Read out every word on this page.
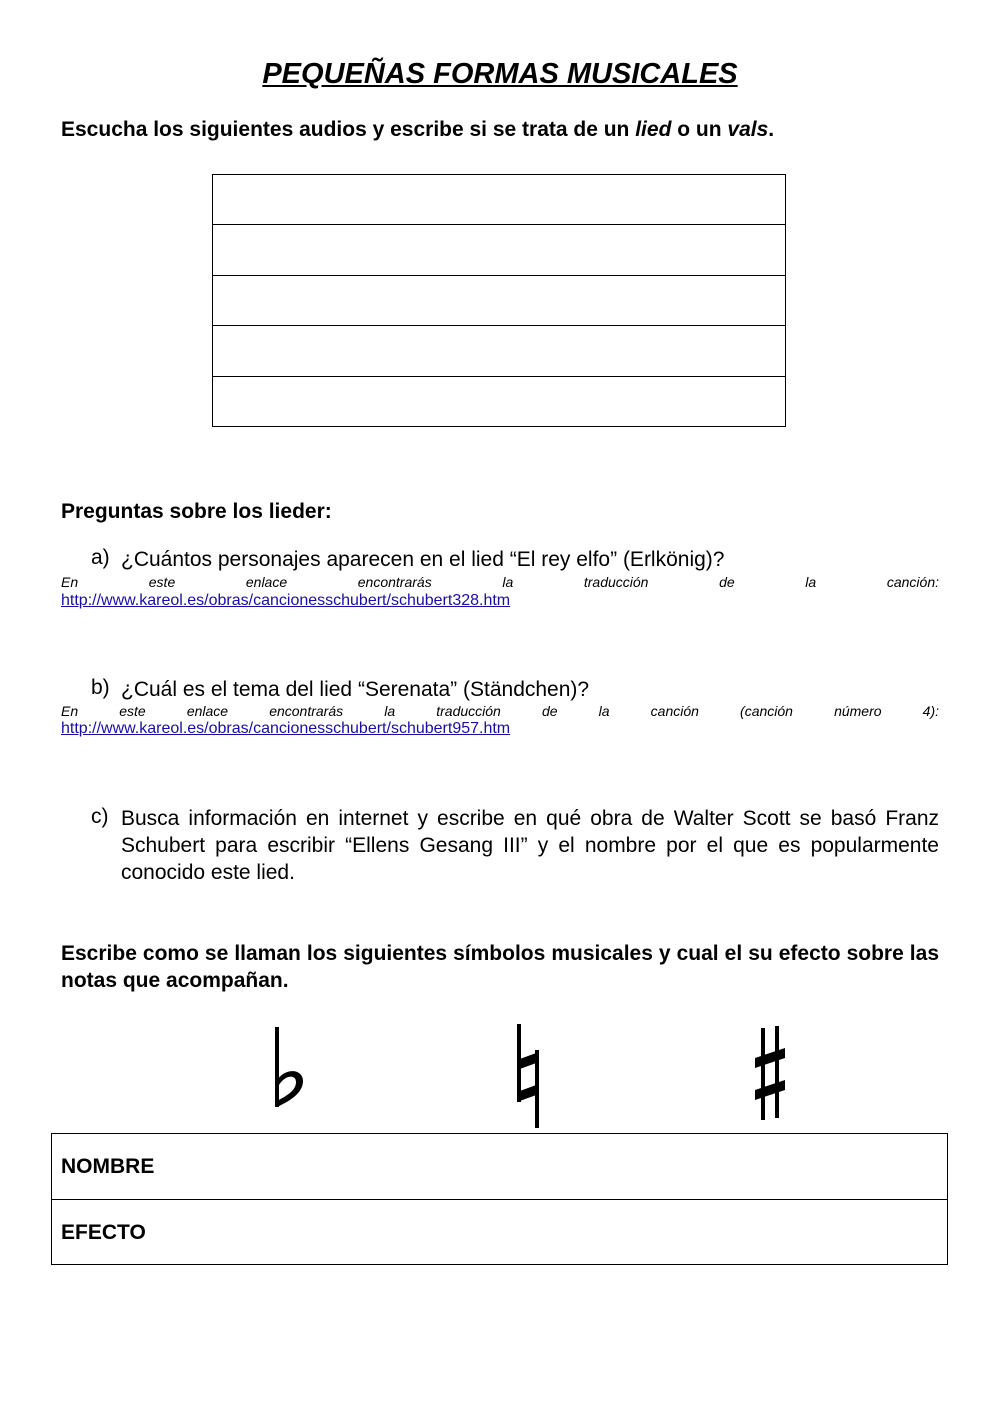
PEQUEÑAS FORMAS MUSICALES
Escucha los siguientes audios y escribe si se trata de un lied o un vals.
Preguntas sobre los lieder:
a) ¿Cuántos personajes aparecen en el lied “El rey elfo” (Erlkönig)?
En este enlace encontrarás la traducción de la canción:
http://www.kareol.es/obras/cancionesschubert/schubert328.htm
b) ¿Cuál es el tema del lied “Serenata” (Ständchen)?
En este enlace encontrarás la traducción de la canción (canción número 4):
http://www.kareol.es/obras/cancionesschubert/schubert957.htm
c) Busca información en internet y escribe en qué obra de Walter Scott se basó Franz Schubert para escribir “Ellens Gesang III” y el nombre por el que es popularmente conocido este lied.
Escribe como se llaman los siguientes símbolos musicales y cual el su efecto sobre las notas que acompañan.
NOMBRE
EFECTO
